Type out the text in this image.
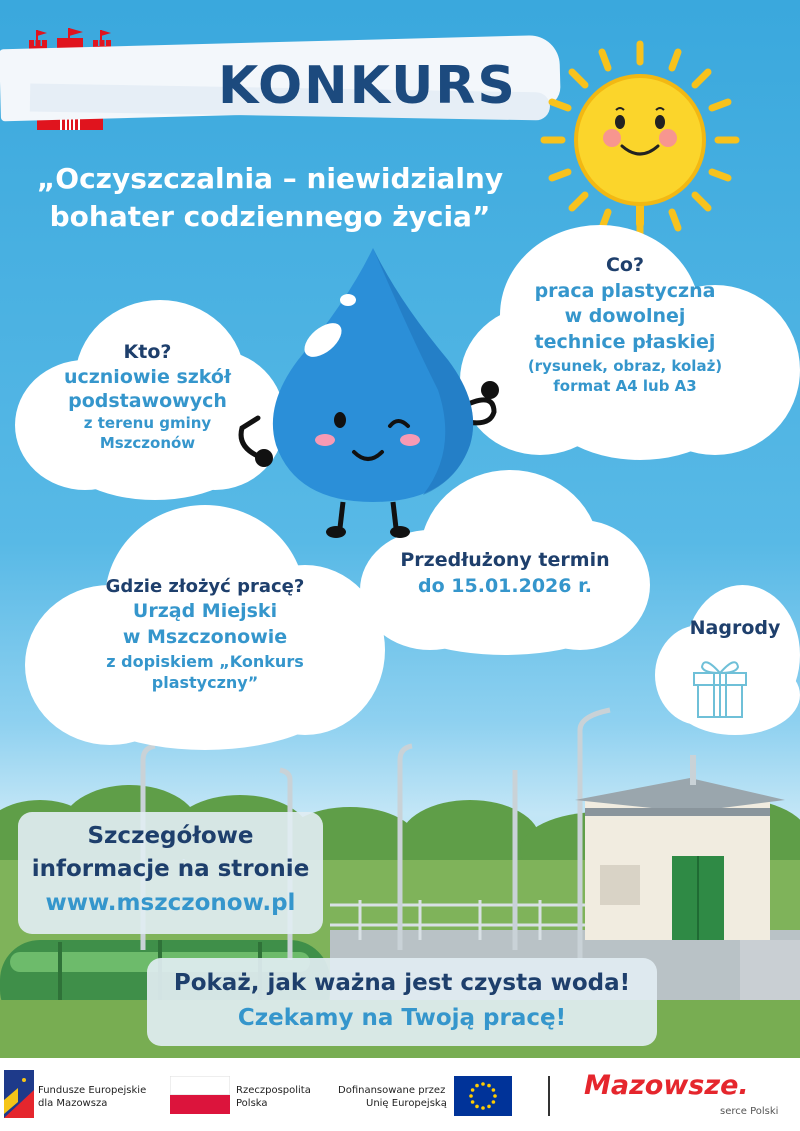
KONKURS
„Oczyszczalnia – niewidzialny
bohater codziennego życia”
Kto?
uczniowie szkół
podstawowych
z terenu gminy
Mszczonów
Co?
praca plastyczna
w dowolnej
technice płaskiej
(rysunek, obraz, kolaż)
format A4 lub A3
Przedłużony termin
do 15.01.2026 r.
Gdzie złożyć pracę?
Urząd Miejski
w Mszczonowie
z dopiskiem „Konkurs
plastyczny”
Nagrody
Szczegółowe
informacje na stronie
www.mszczonow.pl
Pokaż, jak ważna jest czysta woda!
Czekamy na Twoją pracę!
Fundusze Europejskie
dla Mazowsza
Rzeczpospolita
Polska
Dofinansowane przez
Unię Europejską
Mazowsze.
serce Polski
